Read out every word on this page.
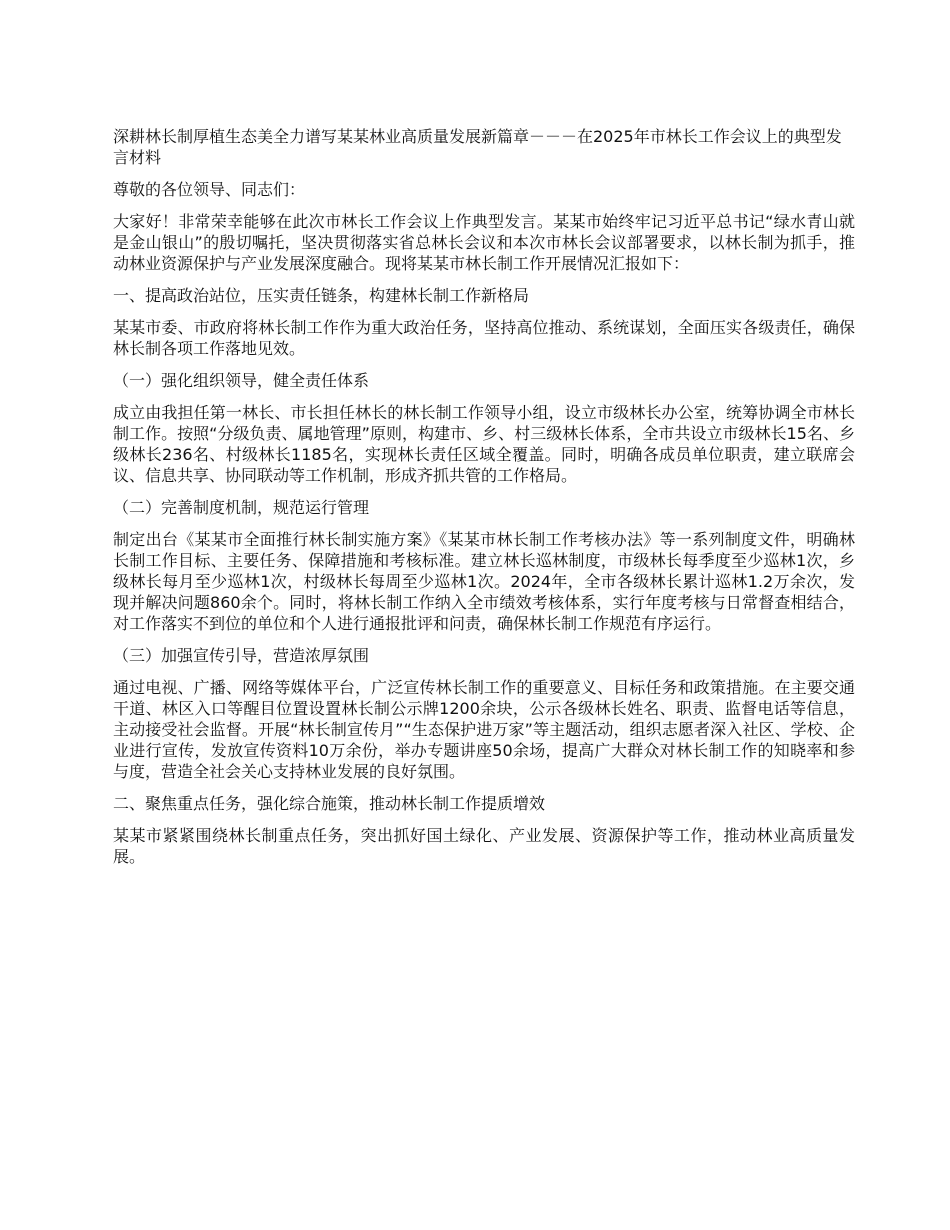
深耕林长制厚植生态美全力谱写某某林业高质量发展新篇章－－－在2025年市林长工作会议上的典型发言材料

尊敬的各位领导、同志们：

大家好！非常荣幸能够在此次市林长工作会议上作典型发言。某某市始终牢记习近平总书记“绿水青山就是金山银山”的殷切嘱托，坚决贯彻落实省总林长会议和本次市林长会议部署要求，以林长制为抓手，推动林业资源保护与产业发展深度融合。现将某某市林长制工作开展情况汇报如下：

一、提高政治站位，压实责任链条，构建林长制工作新格局

某某市委、市政府将林长制工作作为重大政治任务，坚持高位推动、系统谋划，全面压实各级责任，确保林长制各项工作落地见效。

（一）强化组织领导，健全责任体系

成立由我担任第一林长、市长担任林长的林长制工作领导小组，设立市级林长办公室，统筹协调全市林长制工作。按照“分级负责、属地管理”原则，构建市、乡、村三级林长体系，全市共设立市级林长15名、乡级林长236名、村级林长1185名，实现林长责任区域全覆盖。同时，明确各成员单位职责，建立联席会议、信息共享、协同联动等工作机制，形成齐抓共管的工作格局。

（二）完善制度机制，规范运行管理

制定出台《某某市全面推行林长制实施方案》《某某市林长制工作考核办法》等一系列制度文件，明确林长制工作目标、主要任务、保障措施和考核标准。建立林长巡林制度，市级林长每季度至少巡林1次，乡级林长每月至少巡林1次，村级林长每周至少巡林1次。2024年，全市各级林长累计巡林1.2万余次，发现并解决问题860余个。同时，将林长制工作纳入全市绩效考核体系，实行年度考核与日常督查相结合，对工作落实不到位的单位和个人进行通报批评和问责，确保林长制工作规范有序运行。

（三）加强宣传引导，营造浓厚氛围

通过电视、广播、网络等媒体平台，广泛宣传林长制工作的重要意义、目标任务和政策措施。在主要交通干道、林区入口等醒目位置设置林长制公示牌1200余块，公示各级林长姓名、职责、监督电话等信息，主动接受社会监督。开展“林长制宣传月”“生态保护进万家”等主题活动，组织志愿者深入社区、学校、企业进行宣传，发放宣传资料10万余份，举办专题讲座50余场，提高广大群众对林长制工作的知晓率和参与度，营造全社会关心支持林业发展的良好氛围。

二、聚焦重点任务，强化综合施策，推动林长制工作提质增效

某某市紧紧围绕林长制重点任务，突出抓好国土绿化、产业发展、资源保护等工作，推动林业高质量发展。
